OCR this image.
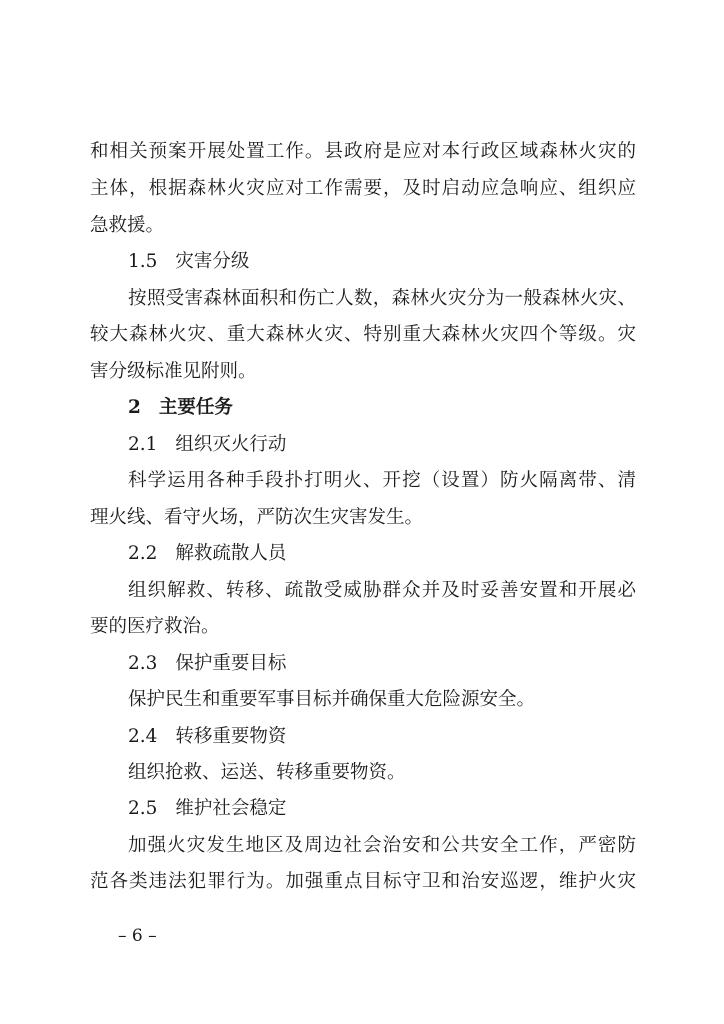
和相关预案开展处置工作。县政府是应对本行政区域森林火灾的
主体，根据森林火灾应对工作需要，及时启动应急响应、组织应
急救援。
1.5 灾害分级
按照受害森林面积和伤亡人数，森林火灾分为一般森林火灾、
较大森林火灾、重大森林火灾、特别重大森林火灾四个等级。灾
害分级标准见附则。
2 主要任务
2.1 组织灭火行动
科学运用各种手段扑打明火、开挖（设置）防火隔离带、清
理火线、看守火场，严防次生灾害发生。
2.2 解救疏散人员
组织解救、转移、疏散受威胁群众并及时妥善安置和开展必
要的医疗救治。
2.3 保护重要目标
保护民生和重要军事目标并确保重大危险源安全。
2.4 转移重要物资
组织抢救、运送、转移重要物资。
2.5 维护社会稳定
加强火灾发生地区及周边社会治安和公共安全工作，严密防
范各类违法犯罪行为。加强重点目标守卫和治安巡逻，维护火灾
– 6 –
